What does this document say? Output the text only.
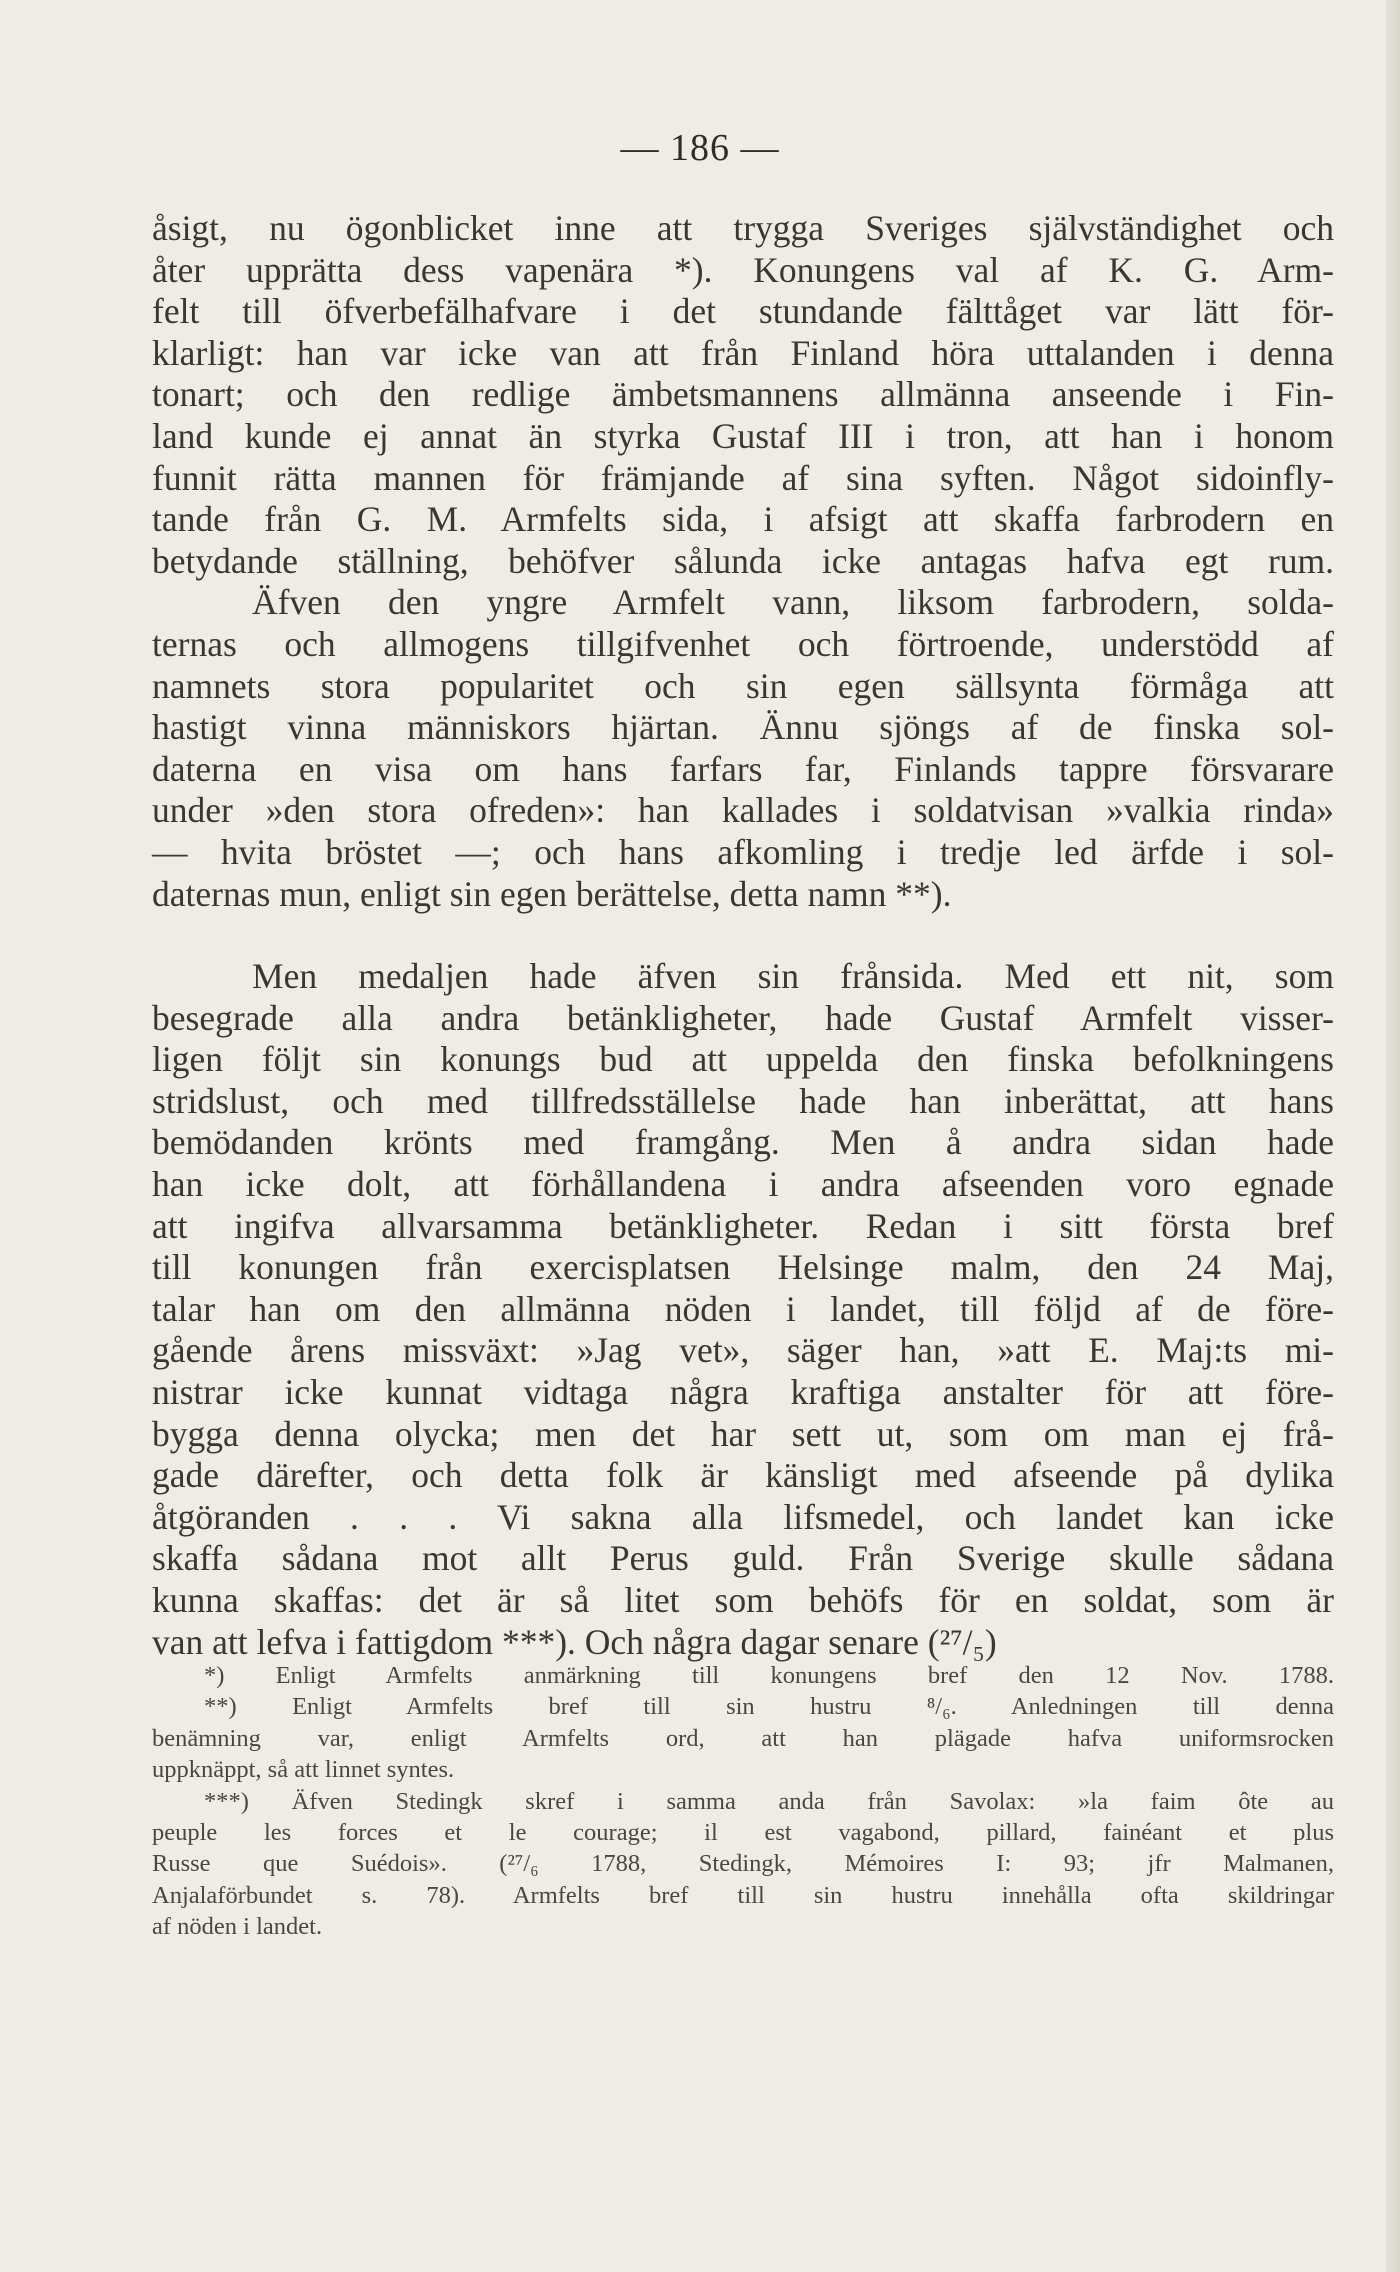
— 186 —
åsigt, nu ögonblicket inne att trygga Sveriges självständighet och
åter upprätta dess vapenära *). Konungens val af K. G. Arm-
felt till öfverbefälhafvare i det stundande fälttåget var lätt för-
klarligt: han var icke van att från Finland höra uttalanden i denna
tonart; och den redlige ämbetsmannens allmänna anseende i Fin-
land kunde ej annat än styrka Gustaf III i tron, att han i honom
funnit rätta mannen för främjande af sina syften. Något sidoinfly-
tande från G. M. Armfelts sida, i afsigt att skaffa farbrodern en
betydande ställning, behöfver sålunda icke antagas hafva egt rum.
Äfven den yngre Armfelt vann, liksom farbrodern, solda-
ternas och allmogens tillgifvenhet och förtroende, understödd af
namnets stora popularitet och sin egen sällsynta förmåga att
hastigt vinna människors hjärtan. Ännu sjöngs af de finska sol-
daterna en visa om hans farfars far, Finlands tappre försvarare
under »den stora ofreden»: han kallades i soldatvisan »valkia rinda»
— hvita bröstet —; och hans afkomling i tredje led ärfde i sol-
daternas mun, enligt sin egen berättelse, detta namn **).
Men medaljen hade äfven sin frånsida. Med ett nit, som
besegrade alla andra betänkligheter, hade Gustaf Armfelt visser-
ligen följt sin konungs bud att uppelda den finska befolkningens
stridslust, och med tillfredsställelse hade han inberättat, att hans
bemödanden krönts med framgång. Men å andra sidan hade
han icke dolt, att förhållandena i andra afseenden voro egnade
att ingifva allvarsamma betänkligheter. Redan i sitt första bref
till konungen från exercisplatsen Helsinge malm, den 24 Maj,
talar han om den allmänna nöden i landet, till följd af de före-
gående årens missväxt: »Jag vet», säger han, »att E. Maj:ts mi-
nistrar icke kunnat vidtaga några kraftiga anstalter för att före-
bygga denna olycka; men det har sett ut, som om man ej frå-
gade därefter, och detta folk är känsligt med afseende på dylika
åtgöranden . . . Vi sakna alla lifsmedel, och landet kan icke
skaffa sådana mot allt Perus guld. Från Sverige skulle sådana
kunna skaffas: det är så litet som behöfs för en soldat, som är
van att lefva i fattigdom ***). Och några dagar senare (²⁷/₅)
*) Enligt Armfelts anmärkning till konungens bref den 12 Nov. 1788.
**) Enligt Armfelts bref till sin hustru ⁸/₆. Anledningen till denna
benämning var, enligt Armfelts ord, att han plägade hafva uniformsrocken
uppknäppt, så att linnet syntes.
***) Äfven Stedingk skref i samma anda från Savolax: »la faim ôte au
peuple les forces et le courage; il est vagabond, pillard, fainéant et plus
Russe que Suédois». (²⁷/₆ 1788, Stedingk, Mémoires I: 93; jfr Malmanen,
Anjalaförbundet s. 78). Armfelts bref till sin hustru innehålla ofta skildringar
af nöden i landet.
